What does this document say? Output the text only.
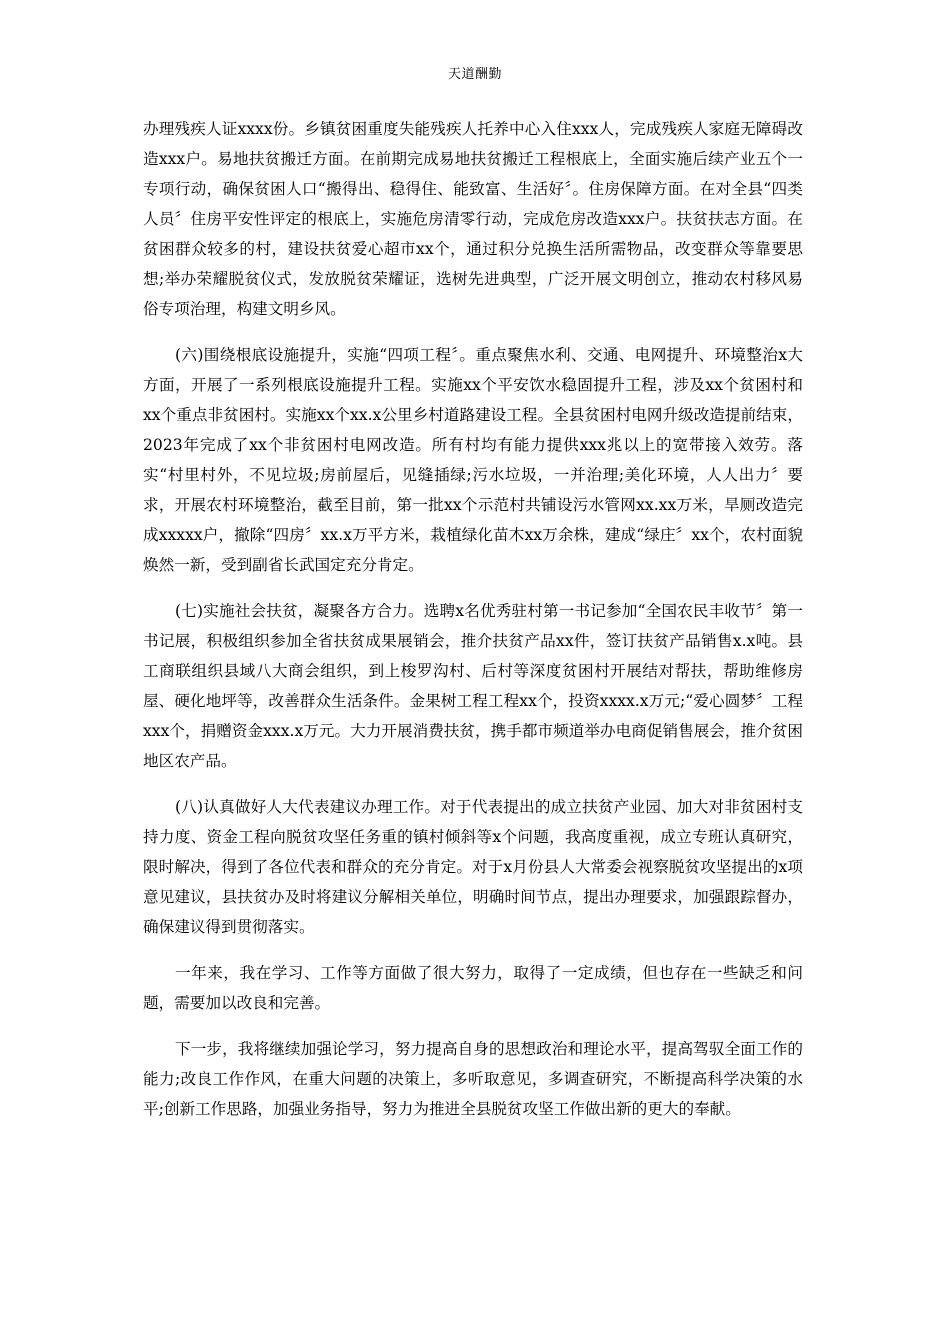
天道酬勤

办理残疾人证xxxx份。乡镇贫困重度失能残疾人托养中心入住xxx人，完成残疾人家庭无障碍改造xxx户。易地扶贫搬迁方面。在前期完成易地扶贫搬迁工程根底上，全面实施后续产业五个一专项行动，确保贫困人口“搬得出、稳得住、能致富、生活好〞。住房保障方面。在对全县“四类人员〞住房平安性评定的根底上，实施危房清零行动，完成危房改造xxx户。扶贫扶志方面。在贫困群众较多的村，建设扶贫爱心超市xx个，通过积分兑换生活所需物品，改变群众等靠要思想;举办荣耀脱贫仪式，发放脱贫荣耀证，选树先进典型，广泛开展文明创立，推动农村移风易俗专项治理，构建文明乡风。

(六)围绕根底设施提升，实施“四项工程〞。重点聚焦水利、交通、电网提升、环境整治x大方面，开展了一系列根底设施提升工程。实施xx个平安饮水稳固提升工程，涉及xx个贫困村和xx个重点非贫困村。实施xx个xx.x公里乡村道路建设工程。全县贫困村电网升级改造提前结束，2023年完成了xx个非贫困村电网改造。所有村均有能力提供xxx兆以上的宽带接入效劳。落实“村里村外，不见垃圾;房前屋后，见缝插绿;污水垃圾，一并治理;美化环境，人人出力〞要求，开展农村环境整治，截至目前，第一批xx个示范村共铺设污水管网xx.xx万米，旱厕改造完成xxxxx户，撤除“四房〞xx.x万平方米，栽植绿化苗木xx万余株，建成“绿庄〞xx个，农村面貌焕然一新，受到副省长武国定充分肯定。

(七)实施社会扶贫，凝聚各方合力。选聘x名优秀驻村第一书记参加“全国农民丰收节〞第一书记展，积极组织参加全省扶贫成果展销会，推介扶贫产品xx件，签订扶贫产品销售x.x吨。县工商联组织县域八大商会组织，到上梭罗沟村、后村等深度贫困村开展结对帮扶，帮助维修房屋、硬化地坪等，改善群众生活条件。金果树工程工程xx个，投资xxxx.x万元;“爱心圆梦〞工程xxx个，捐赠资金xxx.x万元。大力开展消费扶贫，携手都市频道举办电商促销售展会，推介贫困地区农产品。

(八)认真做好人大代表建议办理工作。对于代表提出的成立扶贫产业园、加大对非贫困村支持力度、资金工程向脱贫攻坚任务重的镇村倾斜等x个问题，我高度重视，成立专班认真研究，限时解决，得到了各位代表和群众的充分肯定。对于x月份县人大常委会视察脱贫攻坚提出的x项意见建议，县扶贫办及时将建议分解相关单位，明确时间节点，提出办理要求，加强跟踪督办，确保建议得到贯彻落实。

一年来，我在学习、工作等方面做了很大努力，取得了一定成绩，但也存在一些缺乏和问题，需要加以改良和完善。

下一步，我将继续加强论学习，努力提高自身的思想政治和理论水平，提高驾驭全面工作的能力;改良工作作风，在重大问题的决策上，多听取意见，多调查研究，不断提高科学决策的水平;创新工作思路，加强业务指导，努力为推进全县脱贫攻坚工作做出新的更大的奉献。
